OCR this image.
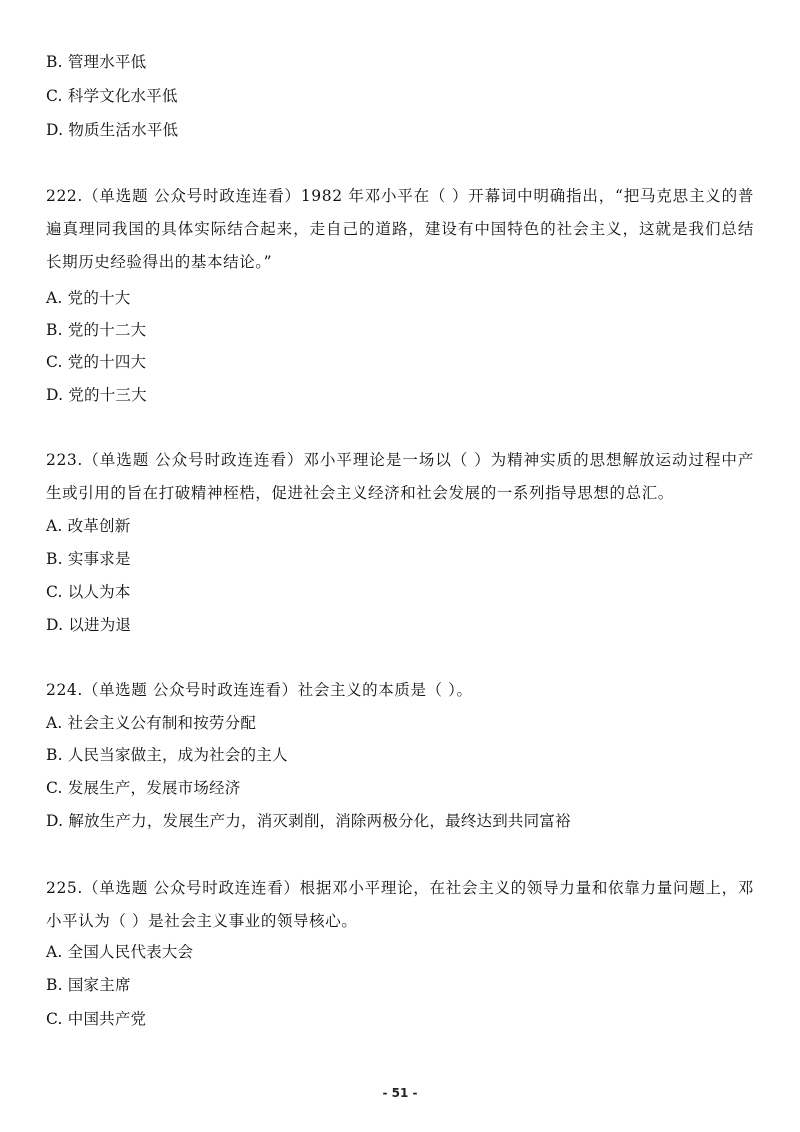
B. 管理水平低
C. 科学文化水平低
D. 物质生活水平低
222.（单选题 公众号时政连连看）1982 年邓小平在（ ）开幕词中明确指出，“把马克思主义的普遍真理同我国的具体实际结合起来，走自己的道路，建设有中国特色的社会主义，这就是我们总结长期历史经验得出的基本结论。”
A. 党的十大
B. 党的十二大
C. 党的十四大
D. 党的十三大
223.（单选题 公众号时政连连看）邓小平理论是一场以（ ）为精神实质的思想解放运动过程中产生或引用的旨在打破精神桎梏，促进社会主义经济和社会发展的一系列指导思想的总汇。
A. 改革创新
B. 实事求是
C. 以人为本
D. 以进为退
224.（单选题 公众号时政连连看）社会主义的本质是（ ）。
A. 社会主义公有制和按劳分配
B. 人民当家做主，成为社会的主人
C. 发展生产，发展市场经济
D. 解放生产力，发展生产力，消灭剥削，消除两极分化，最终达到共同富裕
225.（单选题 公众号时政连连看）根据邓小平理论，在社会主义的领导力量和依靠力量问题上，邓小平认为（ ）是社会主义事业的领导核心。
A. 全国人民代表大会
B. 国家主席
C. 中国共产党
- 51 -
